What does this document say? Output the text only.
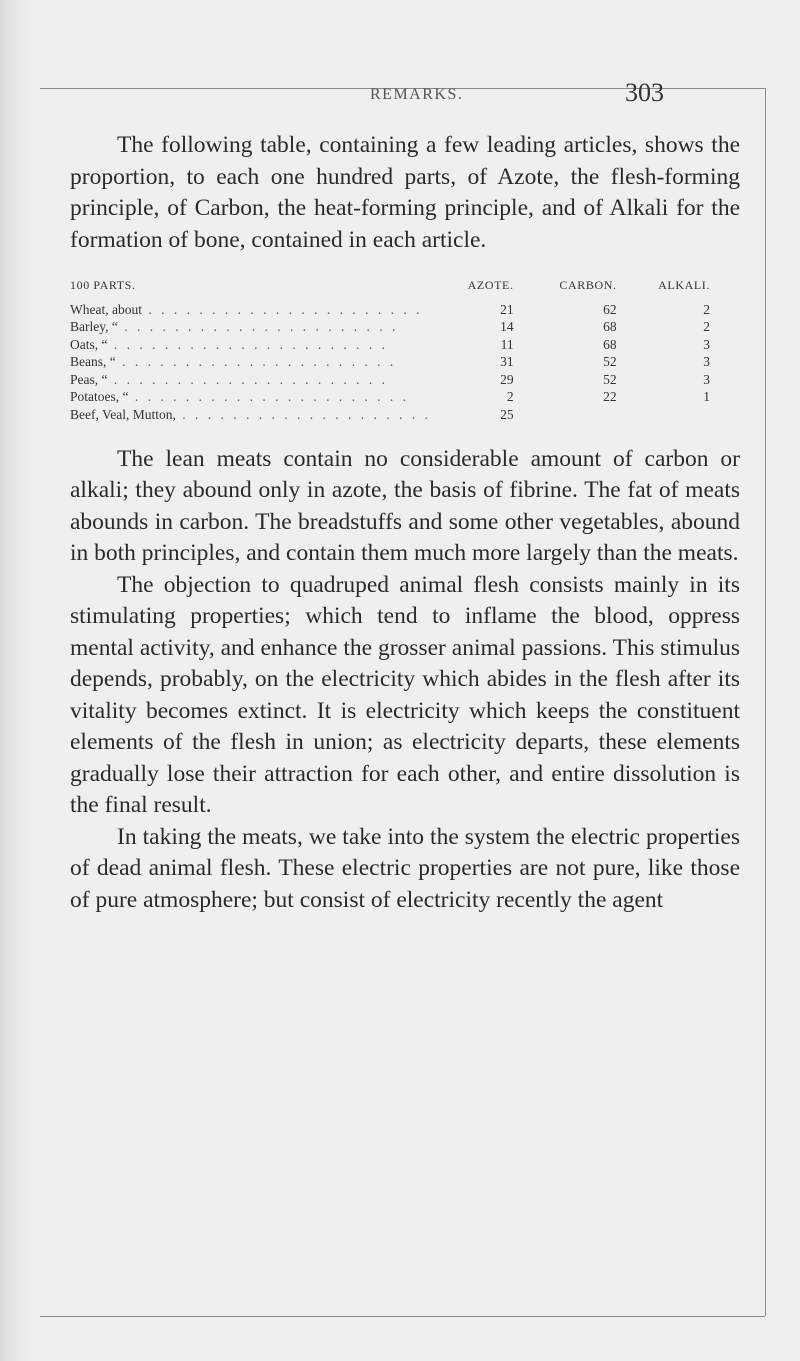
REMARKS.	303

The following table, containing a few leading articles, shows the proportion, to each one hundred parts, of Azote, the flesh-forming principle, of Carbon, the heat-forming principle, and of Alkali for the formation of bone, contained in each article.

100 PARTS.	AZOTE.	CARBON.	ALKALI.
Wheat, about . . . . . . . . . . . . . . . . . . . . . .	21	62	2
Barley, “ . . . . . . . . . . . . . . . . . . . . . .	14	68	2
Oats, “ . . . . . . . . . . . . . . . . . . . . . .	11	68	3
Beans, “ . . . . . . . . . . . . . . . . . . . . . .	31	52	3
Peas, “ . . . . . . . . . . . . . . . . . . . . . .	29	52	3
Potatoes, “ . . . . . . . . . . . . . . . . . . . . . .	2	22	1
Beef, Veal, Mutton, . . . . . . . . . . . . . . . . . . . .	25		

The lean meats contain no considerable amount of carbon or alkali; they abound only in azote, the basis of fibrine. The fat of meats abounds in carbon. The breadstuffs and some other vegetables, abound in both principles, and contain them much more largely than the meats.

The objection to quadruped animal flesh consists mainly in its stimulating properties; which tend to inflame the blood, oppress mental activity, and enhance the grosser animal passions. This stimulus depends, probably, on the electricity which abides in the flesh after its vitality becomes extinct. It is electricity which keeps the constituent elements of the flesh in union; as electricity departs, these elements gradually lose their attraction for each other, and entire dissolution is the final result.

In taking the meats, we take into the system the electric properties of dead animal flesh. These electric properties are not pure, like those of pure atmosphere; but consist of electricity recently the agent
